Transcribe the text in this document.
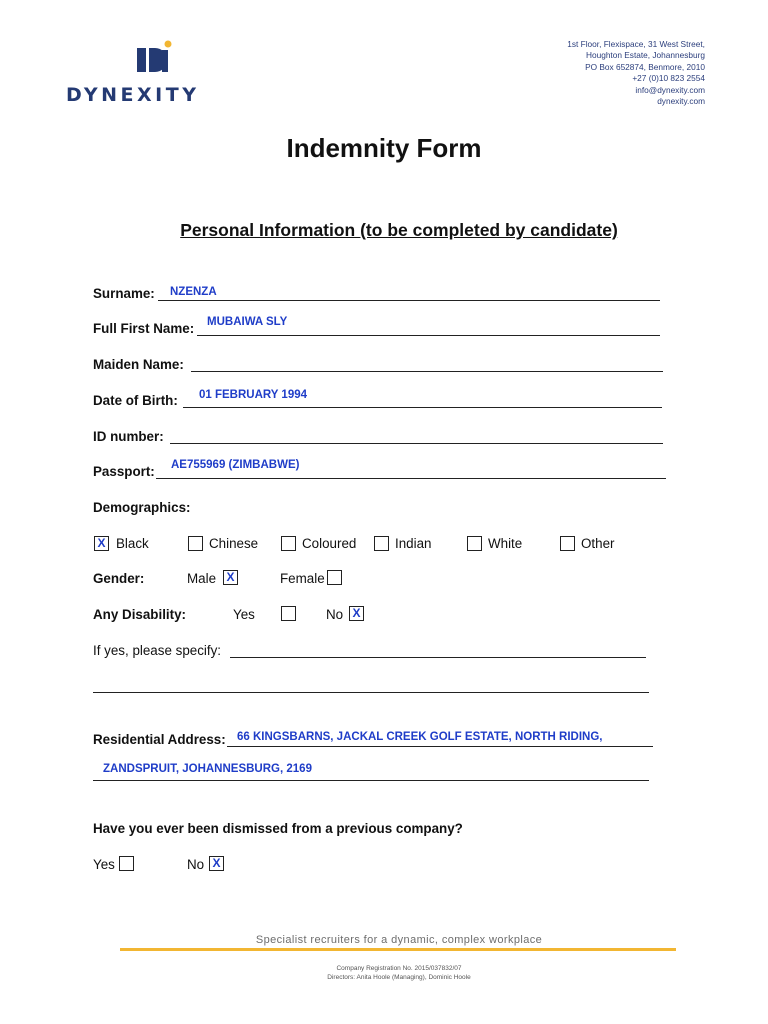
DYNEXITY
1st Floor, Flexispace, 31 West Street,
Houghton Estate, Johannesburg
PO Box 652874, Benmore, 2010
+27 (0)10 823 2554
info@dynexity.com
dynexity.com
Indemnity Form
Personal Information (to be completed by candidate)
Surname: NZENZA
Full First Name: MUBAIWA SLY
Maiden Name:
Date of Birth: 01 FEBRUARY 1994
ID number:
Passport: AE755969 (ZIMBABWE)
Demographics:
X Black	Chinese	Coloured	Indian	White	Other
Gender:	Male X	Female
Any Disability:	Yes	No X
If yes, please specify:
Residential Address: 66 KINGSBARNS, JACKAL CREEK GOLF ESTATE, NORTH RIDING,
ZANDSPRUIT, JOHANNESBURG, 2169
Have you ever been dismissed from a previous company?
Yes	No X
Specialist recruiters for a dynamic, complex workplace
Company Registration No. 2015/037832/07
Directors: Anita Hoole (Managing), Dominic Hoole
